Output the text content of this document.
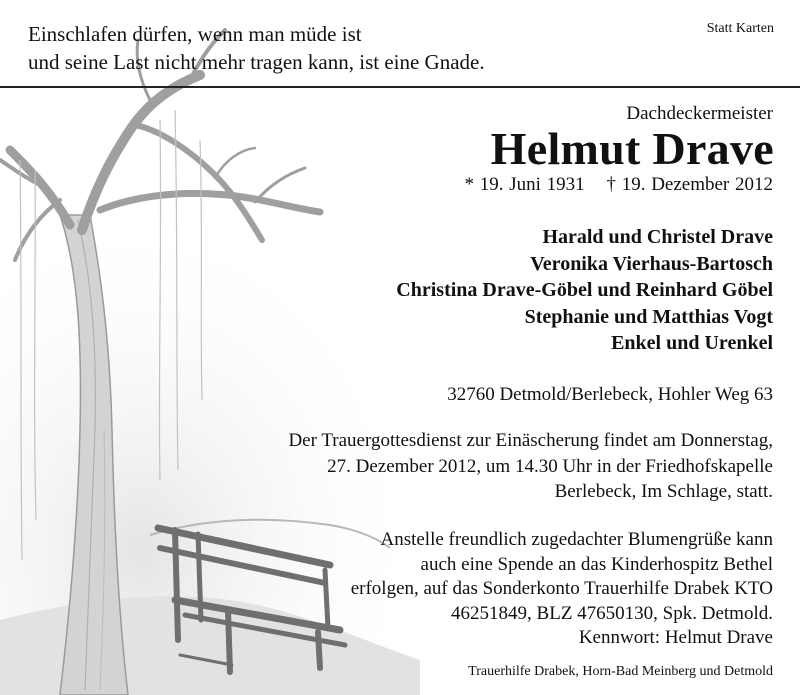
Einschlafen dürfen, wenn man müde ist
und seine Last nicht mehr tragen kann, ist eine Gnade.
Statt Karten
Dachdeckermeister
Helmut Drave
* 19. Juni 1931 † 19. Dezember 2012
Harald und Christel Drave
Veronika Vierhaus-Bartosch
Christina Drave-Göbel und Reinhard Göbel
Stephanie und Matthias Vogt
Enkel und Urenkel
32760 Detmold/Berlebeck, Hohler Weg 63
Der Trauergottesdienst zur Einäscherung findet am Donnerstag,
27. Dezember 2012, um 14.30 Uhr in der Friedhofskapelle
Berlebeck, Im Schlage, statt.
Anstelle freundlich zugedachter Blumengrüße kann
auch eine Spende an das Kinderhospitz Bethel
erfolgen, auf das Sonderkonto Trauerhilfe Drabek KTO
46251849, BLZ 47650130, Spk. Detmold.
Kennwort: Helmut Drave
Trauerhilfe Drabek, Horn-Bad Meinberg und Detmold
